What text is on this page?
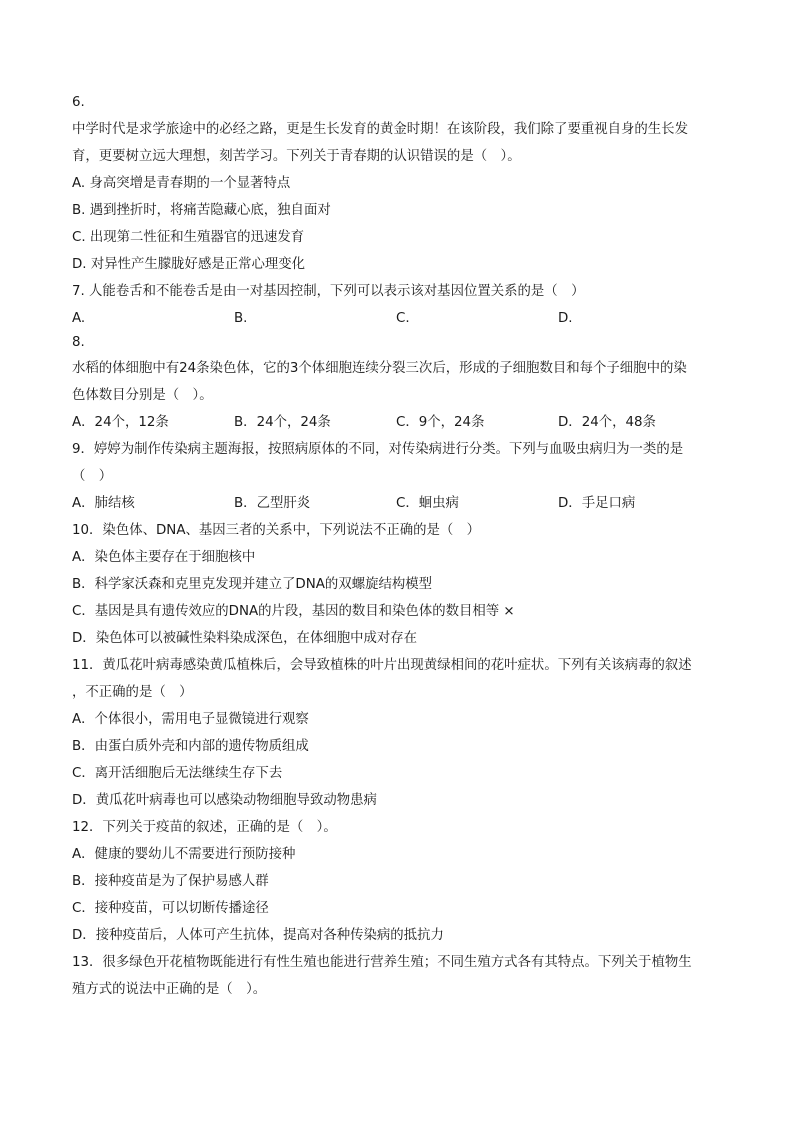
6.
中学时代是求学旅途中的必经之路，更是生长发育的黄金时期！在该阶段，我们除了要重视自身的生长发
育，更要树立远大理想，刻苦学习。下列关于青春期的认识错误的是（　）。
A. 身高突增是青春期的一个显著特点
B. 遇到挫折时，将痛苦隐藏心底，独自面对
C. 出现第二性征和生殖器官的迅速发育
D. 对异性产生朦胧好感是正常心理变化
7. 人能卷舌和不能卷舌是由一对基因控制，下列可以表示该对基因位置关系的是（　）
A.	B.	C.	D.
8.
水稻的体细胞中有24条染色体，它的3个体细胞连续分裂三次后，形成的子细胞数目和每个子细胞中的染
色体数目分别是（　）。
A．24个，12条	B．24个，24条	C．9个，24条	D．24个，48条
9．婷婷为制作传染病主题海报，按照病原体的不同，对传染病进行分类。下列与血吸虫病归为一类的是
（　）
A．肺结核	B．乙型肝炎	C．蛔虫病	D．手足口病
10．染色体、DNA、基因三者的关系中，下列说法不正确的是（　）
A．染色体主要存在于细胞核中
B．科学家沃森和克里克发现并建立了DNA的双螺旋结构模型
C．基因是具有遗传效应的DNA的片段，基因的数目和染色体的数目相等 ×
D．染色体可以被碱性染料染成深色，在体细胞中成对存在
11．黄瓜花叶病毒感染黄瓜植株后，会导致植株的叶片出现黄绿相间的花叶症状。下列有关该病毒的叙述
，不正确的是（　）
A．个体很小，需用电子显微镜进行观察
B．由蛋白质外壳和内部的遗传物质组成
C．离开活细胞后无法继续生存下去
D．黄瓜花叶病毒也可以感染动物细胞导致动物患病
12．下列关于疫苗的叙述，正确的是（　）。
A．健康的婴幼儿不需要进行预防接种
B．接种疫苗是为了保护易感人群
C．接种疫苗，可以切断传播途径
D．接种疫苗后，人体可产生抗体，提高对各种传染病的抵抗力
13．很多绿色开花植物既能进行有性生殖也能进行营养生殖；不同生殖方式各有其特点。下列关于植物生
殖方式的说法中正确的是（　）。
